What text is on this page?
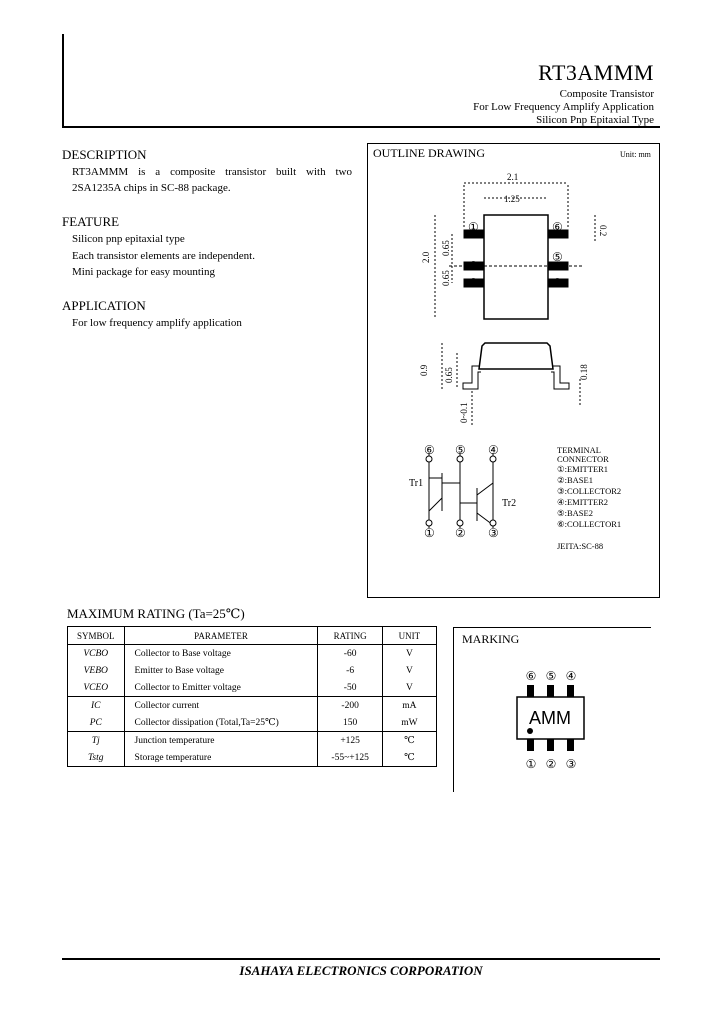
RT3AMMM
Composite Transistor
For Low Frequency Amplify Application
Silicon Pnp Epitaxial Type
DESCRIPTION
RT3AMMM is a composite transistor built with two
2SA1235A chips in SC-88 package.
FEATURE
Silicon pnp epitaxial type
Each transistor elements are independent.
Mini package for easy mounting
APPLICATION
For low frequency amplify application
OUTLINE DRAWING	Unit: mm
2.1
1.25
0.2
2.0
0.65
0.65
0.9 0.65	0.18
0~0.1
①
②
③	④
⑤
⑥
⑥ ⑤ ④
① ② ③
Tr1
Tr2
TERMINAL
CONNECTOR
①:EMITTER1
②:BASE1
③:COLLECTOR2
④:EMITTER2
⑤:BASE2
⑥:COLLECTOR1
JEITA:SC-88
MAXIMUM RATING (Ta=25℃)
SYMBOL	PARAMETER	RATING	UNIT
VCBO	Collector to Base voltage	-60	V
VEBO	Emitter to Base voltage	-6	V
VCEO	Collector to Emitter voltage	-50	V
IC	Collector current	-200	mA
PC	Collector dissipation (Total,Ta=25℃)	150	mW
Tj	Junction temperature	+125	℃
Tstg	Storage temperature	-55~+125	℃
MARKING
AMM
⑥ ⑤ ④
① ② ③
ISAHAYA ELECTRONICS CORPORATION
